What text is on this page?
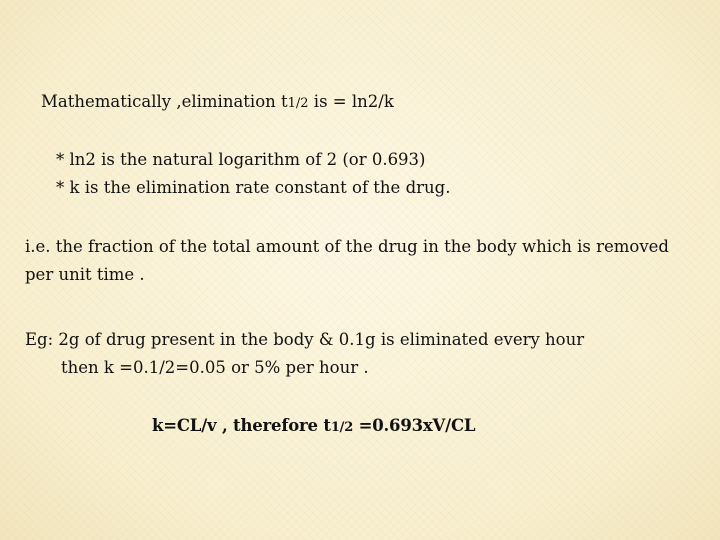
Mathematically ,elimination t1/2 is = ln2/k
* ln2 is the natural logarithm of 2 (or 0.693)
* k is the elimination rate constant of the drug.
i.e. the fraction of the total amount of the drug in the body which is removed
per unit time .
Eg: 2g of drug present in the body & 0.1g is eliminated every hour
then k =0.1/2=0.05 or 5% per hour .
k=CL/v , therefore t1/2 =0.693xV/CL
